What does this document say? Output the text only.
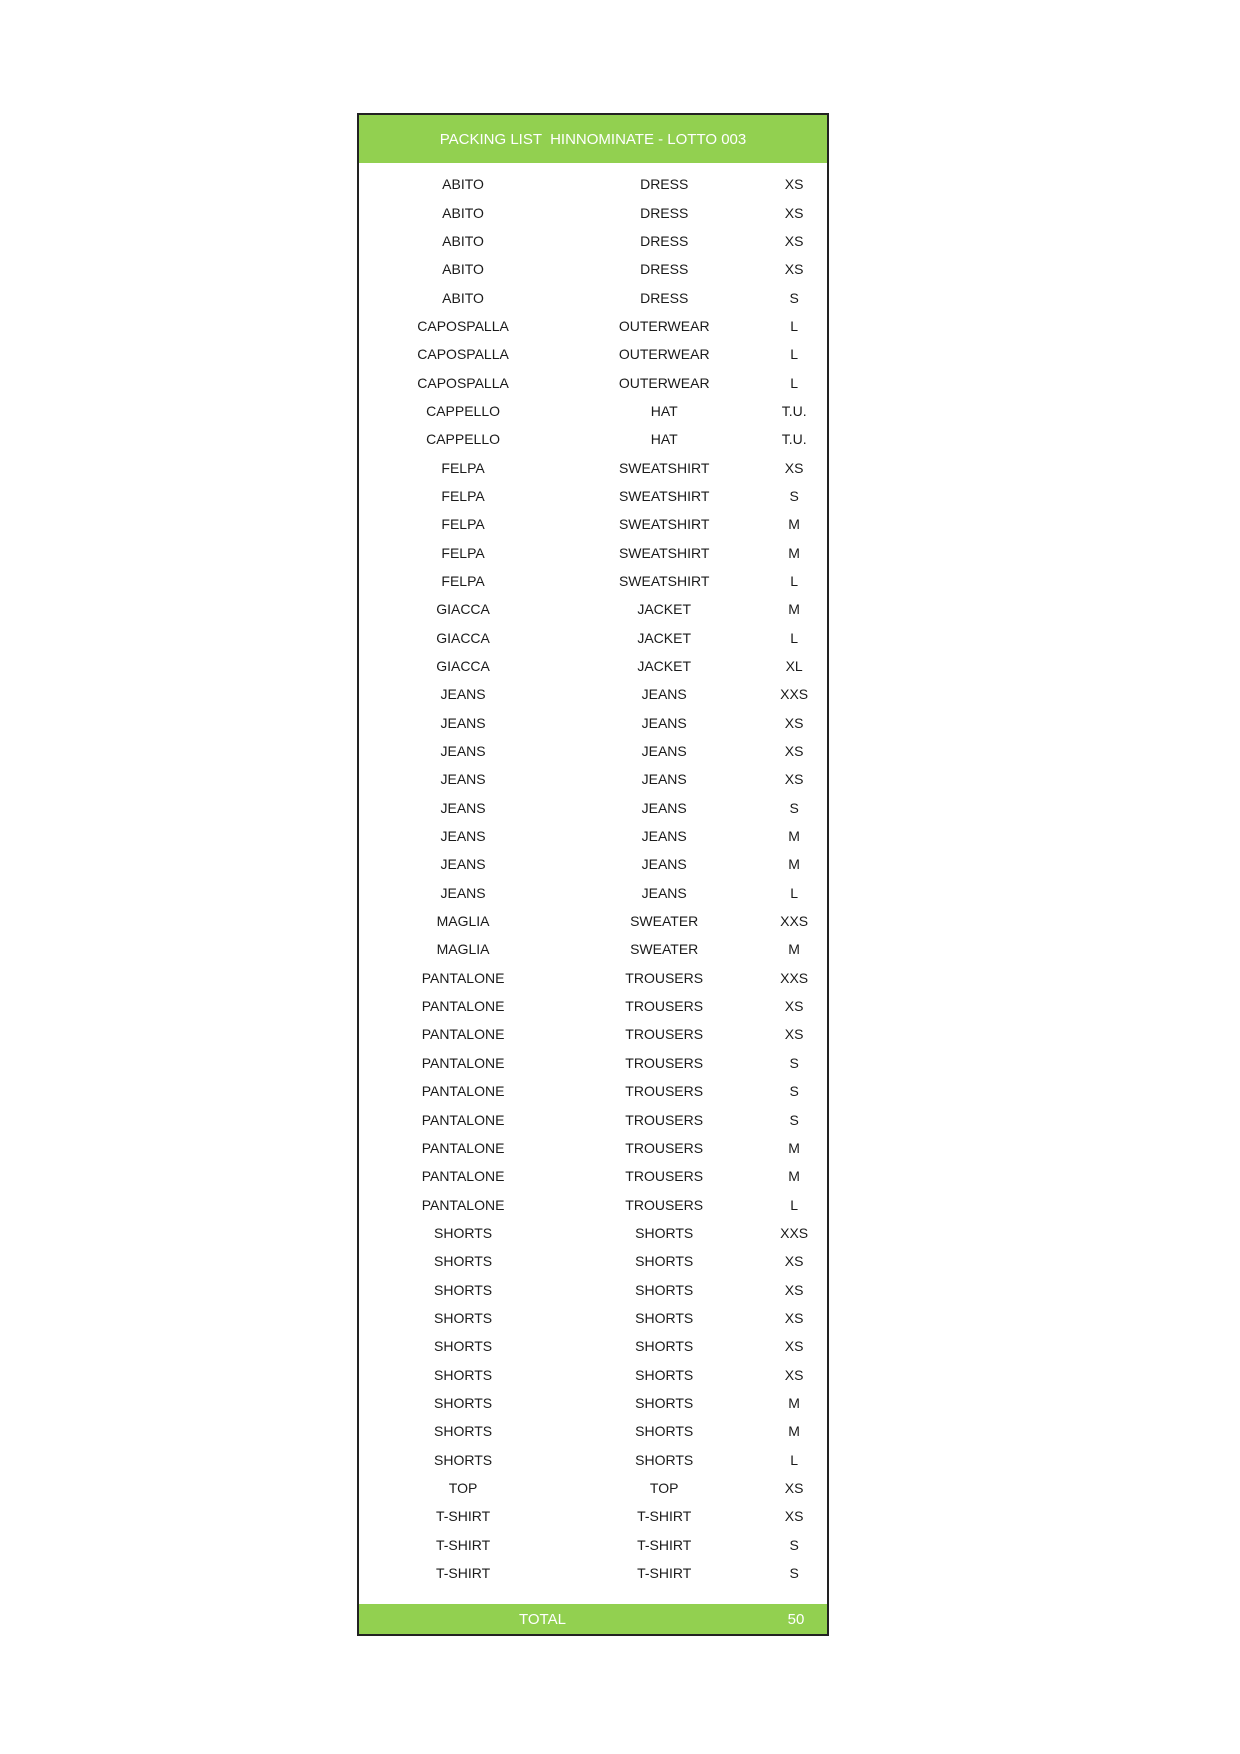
PACKING LIST  HINNOMINATE - LOTTO 003
ABITO	DRESS	XS
ABITO	DRESS	XS
ABITO	DRESS	XS
ABITO	DRESS	XS
ABITO	DRESS	S
CAPOSPALLA	OUTERWEAR	L
CAPOSPALLA	OUTERWEAR	L
CAPOSPALLA	OUTERWEAR	L
CAPPELLO	HAT	T.U.
CAPPELLO	HAT	T.U.
FELPA	SWEATSHIRT	XS
FELPA	SWEATSHIRT	S
FELPA	SWEATSHIRT	M
FELPA	SWEATSHIRT	M
FELPA	SWEATSHIRT	L
GIACCA	JACKET	M
GIACCA	JACKET	L
GIACCA	JACKET	XL
JEANS	JEANS	XXS
JEANS	JEANS	XS
JEANS	JEANS	XS
JEANS	JEANS	XS
JEANS	JEANS	S
JEANS	JEANS	M
JEANS	JEANS	M
JEANS	JEANS	L
MAGLIA	SWEATER	XXS
MAGLIA	SWEATER	M
PANTALONE	TROUSERS	XXS
PANTALONE	TROUSERS	XS
PANTALONE	TROUSERS	XS
PANTALONE	TROUSERS	S
PANTALONE	TROUSERS	S
PANTALONE	TROUSERS	S
PANTALONE	TROUSERS	M
PANTALONE	TROUSERS	M
PANTALONE	TROUSERS	L
SHORTS	SHORTS	XXS
SHORTS	SHORTS	XS
SHORTS	SHORTS	XS
SHORTS	SHORTS	XS
SHORTS	SHORTS	XS
SHORTS	SHORTS	XS
SHORTS	SHORTS	M
SHORTS	SHORTS	M
SHORTS	SHORTS	L
TOP	TOP	XS
T-SHIRT	T-SHIRT	XS
T-SHIRT	T-SHIRT	S
T-SHIRT	T-SHIRT	S
TOTAL	50
